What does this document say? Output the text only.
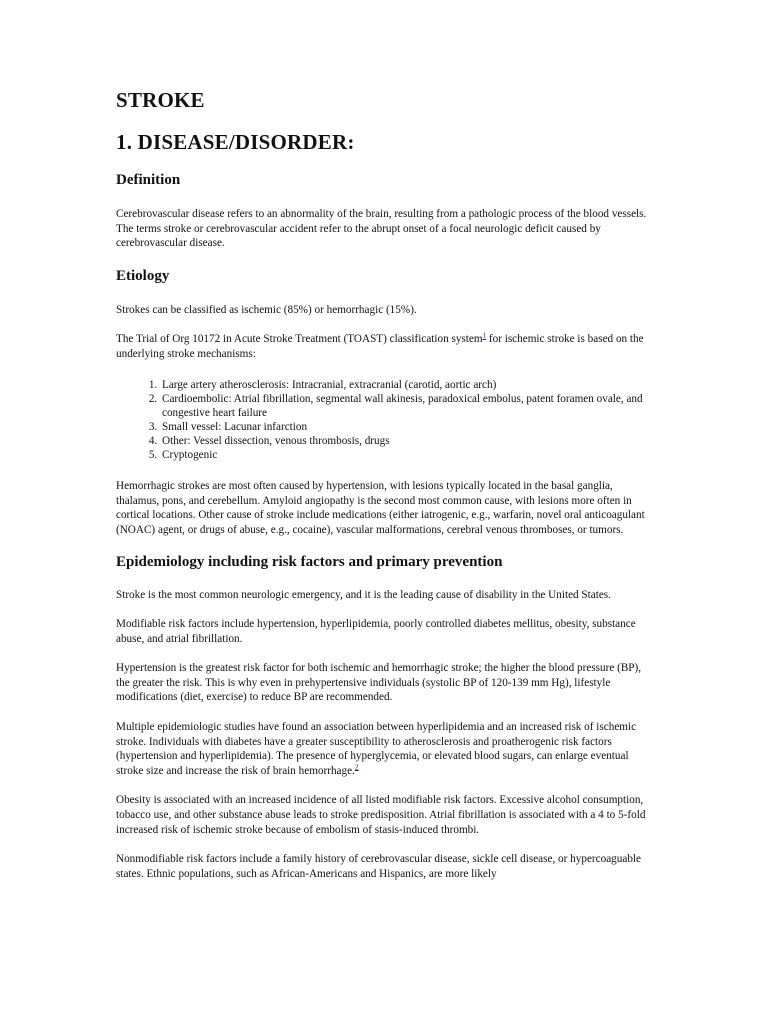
STROKE
1. DISEASE/DISORDER:
Definition

Cerebrovascular disease refers to an abnormality of the brain, resulting from a pathologic process of the blood vessels. The terms stroke or cerebrovascular accident refer to the abrupt onset of a focal neurologic deficit caused by cerebrovascular disease.

Etiology

Strokes can be classified as ischemic (85%) or hemorrhagic (15%).

The Trial of Org 10172 in Acute Stroke Treatment (TOAST) classification system$^1$ for ischemic stroke is based on the underlying stroke mechanisms:

1. Large artery atherosclerosis: Intracranial, extracranial (carotid, aortic arch)
2. Cardioembolic: Atrial fibrillation, segmental wall akinesis, paradoxical embolus, patent foramen ovale, and congestive heart failure
3. Small vessel: Lacunar infarction
4. Other: Vessel dissection, venous thrombosis, drugs
5. Cryptogenic

Hemorrhagic strokes are most often caused by hypertension, with lesions typically located in the basal ganglia, thalamus, pons, and cerebellum. Amyloid angiopathy is the second most common cause, with lesions more often in cortical locations. Other cause of stroke include medications (either iatrogenic, e.g., warfarin, novel oral anticoagulant (NOAC) agent, or drugs of abuse, e.g., cocaine), vascular malformations, cerebral venous thromboses, or tumors.

Epidemiology including risk factors and primary prevention

Stroke is the most common neurologic emergency, and it is the leading cause of disability in the United States.

Modifiable risk factors include hypertension, hyperlipidemia, poorly controlled diabetes mellitus, obesity, substance abuse, and atrial fibrillation.

Hypertension is the greatest risk factor for both ischemic and hemorrhagic stroke; the higher the blood pressure (BP), the greater the risk. This is why even in prehypertensive individuals (systolic BP of 120-139 mm Hg), lifestyle modifications (diet, exercise) to reduce BP are recommended.

Multiple epidemiologic studies have found an association between hyperlipidemia and an increased risk of ischemic stroke. Individuals with diabetes have a greater susceptibility to atherosclerosis and proatherogenic risk factors (hypertension and hyperlipidemia). The presence of hyperglycemia, or elevated blood sugars, can enlarge eventual stroke size and increase the risk of brain hemorrhage.$^2$

Obesity is associated with an increased incidence of all listed modifiable risk factors. Excessive alcohol consumption, tobacco use, and other substance abuse leads to stroke predisposition. Atrial fibrillation is associated with a 4 to 5-fold increased risk of ischemic stroke because of embolism of stasis-induced thrombi.

Nonmodifiable risk factors include a family history of cerebrovascular disease, sickle cell disease, or hypercoaguable states. Ethnic populations, such as African-Americans and Hispanics, are more likely
